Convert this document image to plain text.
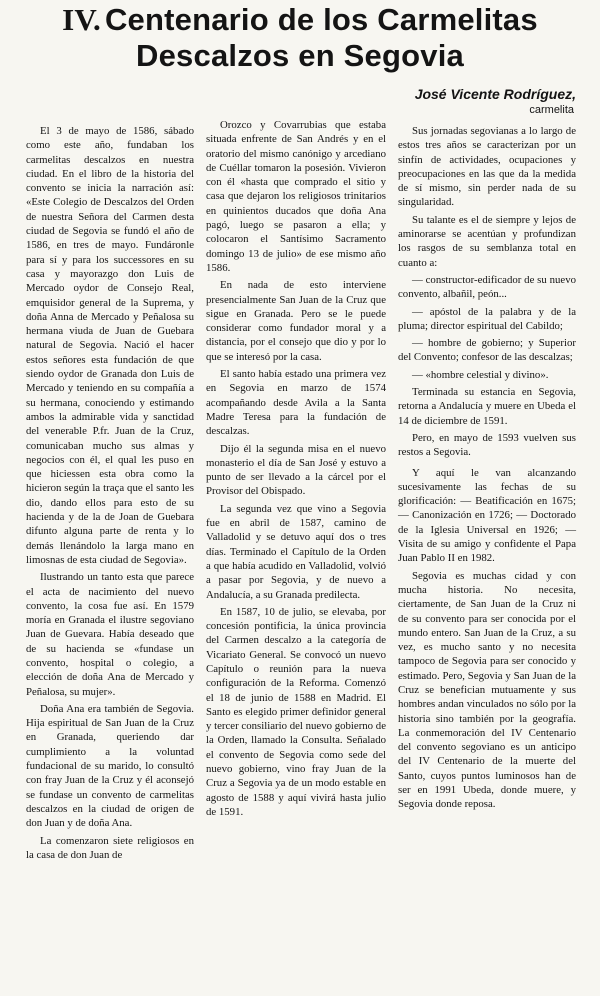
IV. Centenario de los Carmelitas
Descalzos en Segovia
José Vicente Rodríguez,
carmelita

El 3 de mayo de 1586, sábado como este año, fundaban los carmelitas descalzos en nuestra ciudad. En el libro de la historia del convento se inicia la narración así: «Este Colegio de Descalzos del Orden de nuestra Señora del Carmen desta ciudad de Segovia se fundó el año de 1586, en tres de mayo. Fundáronle para sí y para los successores en su casa y mayorazgo don Luis de Mercado oydor de Consejo Real, emquisidor general de la Suprema, y doña Anna de Mercado y Peñalosa su hermana viuda de Juan de Guebara natural de Segovia. Nació el hacer estos señores esta fundación de que siendo oydor de Granada don Luis de Mercado y teniendo en su compañía a su hermana, conociendo y estimando ambos la admirable vida y sanctidad del venerable P.fr. Juan de la Cruz, comunicaban mucho sus almas y negocios con él, el qual les puso en que hiciessen esta obra como la hicieron según la traça que el santo les dio, dando ellos para esto de su hacienda y de la de Joan de Guebara difunto alguna parte de renta y lo demás llenándolo la larga mano en limosnas de esta ciudad de Segovia».

Ilustrando un tanto esta que parece el acta de nacimiento del nuevo convento, la cosa fue así. En 1579 moría en Granada el ilustre segoviano Juan de Guevara. Había deseado que de su hacienda se «fundase un convento, hospital o colegio, a elección de doña Ana de Mercado y Peñalosa, su mujer».

Doña Ana era también de Segovia. Hija espiritual de San Juan de la Cruz en Granada, queriendo dar cumplimiento a la voluntad fundacional de su marido, lo consultó con fray Juan de la Cruz y él aconsejó se fundase un convento de carmelitas descalzos en la ciudad de origen de don Juan y de doña Ana.

La comenzaron siete religiosos en la casa de don Juan de

Orozco y Covarrubias que estaba situada enfrente de San Andrés y en el oratorio del mismo canónigo y arcediano de Cuéllar tomaron la posesión. Vivieron con él «hasta que comprado el sitio y casa que dejaron los religiosos trinitarios en quinientos ducados que doña Ana pagó, luego se pasaron a ella; y colocaron el Santísimo Sacramento domingo 13 de julio» de ese mismo año 1586.

En nada de esto interviene presencialmente San Juan de la Cruz que sigue en Granada. Pero se le puede considerar como fundador moral y a distancia, por el consejo que dio y por lo que se interesó por la casa.

El santo había estado una primera vez en Segovia en marzo de 1574 acompañando desde Avila a la Santa Madre Teresa para la fundación de descalzas.

Dijo él la segunda misa en el nuevo monasterio el día de San José y estuvo a punto de ser llevado a la cárcel por el Provisor del Obispado.

La segunda vez que vino a Segovia fue en abril de 1587, camino de Valladolid y se detuvo aquí dos o tres días. Terminado el Capítulo de la Orden a que había acudido en Valladolid, volvió a pasar por Segovia, y de nuevo a Andalucía, a su Granada predilecta.

En 1587, 10 de julio, se elevaba, por concesión pontificia, la única provincia del Carmen descalzo a la categoría de Vicariato General. Se convocó un nuevo Capítulo o reunión para la nueva configuración de la Reforma. Comenzó el 18 de junio de 1588 en Madrid. El Santo es elegido primer definidor general y tercer consiliario del nuevo gobierno de la Orden, llamado la Consulta. Señalado el convento de Segovia como sede del nuevo gobierno, vino fray Juan de la Cruz a Segovia ya de un modo estable en agosto de 1588 y aquí vivirá hasta julio de 1591.

Sus jornadas segovianas a lo largo de estos tres años se caracterizan por un sinfín de actividades, ocupaciones y preocupaciones en las que da la medida de sí mismo, sin perder nada de su singularidad.

Su talante es el de siempre y lejos de aminorarse se acentúan y profundizan los rasgos de su semblanza total en cuanto a:

— constructor-edificador de su nuevo convento, albañil, peón...

— apóstol de la palabra y de la pluma; director espiritual del Cabildo;

— hombre de gobierno; y Superior del Convento; confesor de las descalzas;

— «hombre celestial y divino».

Terminada su estancia en Segovia, retorna a Andalucía y muere en Ubeda el 14 de diciembre de 1591.

Pero, en mayo de 1593 vuelven sus restos a Segovia.

Y aquí le van alcanzando sucesivamente las fechas de su glorificación: — Beatificación en 1675; — Canonización en 1726; — Doctorado de la Iglesia Universal en 1926; — Visita de su amigo y confidente el Papa Juan Pablo II en 1982.

Segovia es muchas cidad y con mucha historia. No necesita, ciertamente, de San Juan de la Cruz ni de su convento para ser conocida por el mundo entero. San Juan de la Cruz, a su vez, es mucho santo y no necesita tampoco de Segovia para ser conocido y estimado. Pero, Segovia y San Juan de la Cruz se benefician mutuamente y sus hombres andan vinculados no sólo por la historia sino también por la geografía. La conmemoración del IV Centenario del convento segoviano es un anticipo del IV Centenario de la muerte del Santo, cuyos puntos luminosos han de ser en 1991 Ubeda, donde muere, y Segovia donde reposa.
